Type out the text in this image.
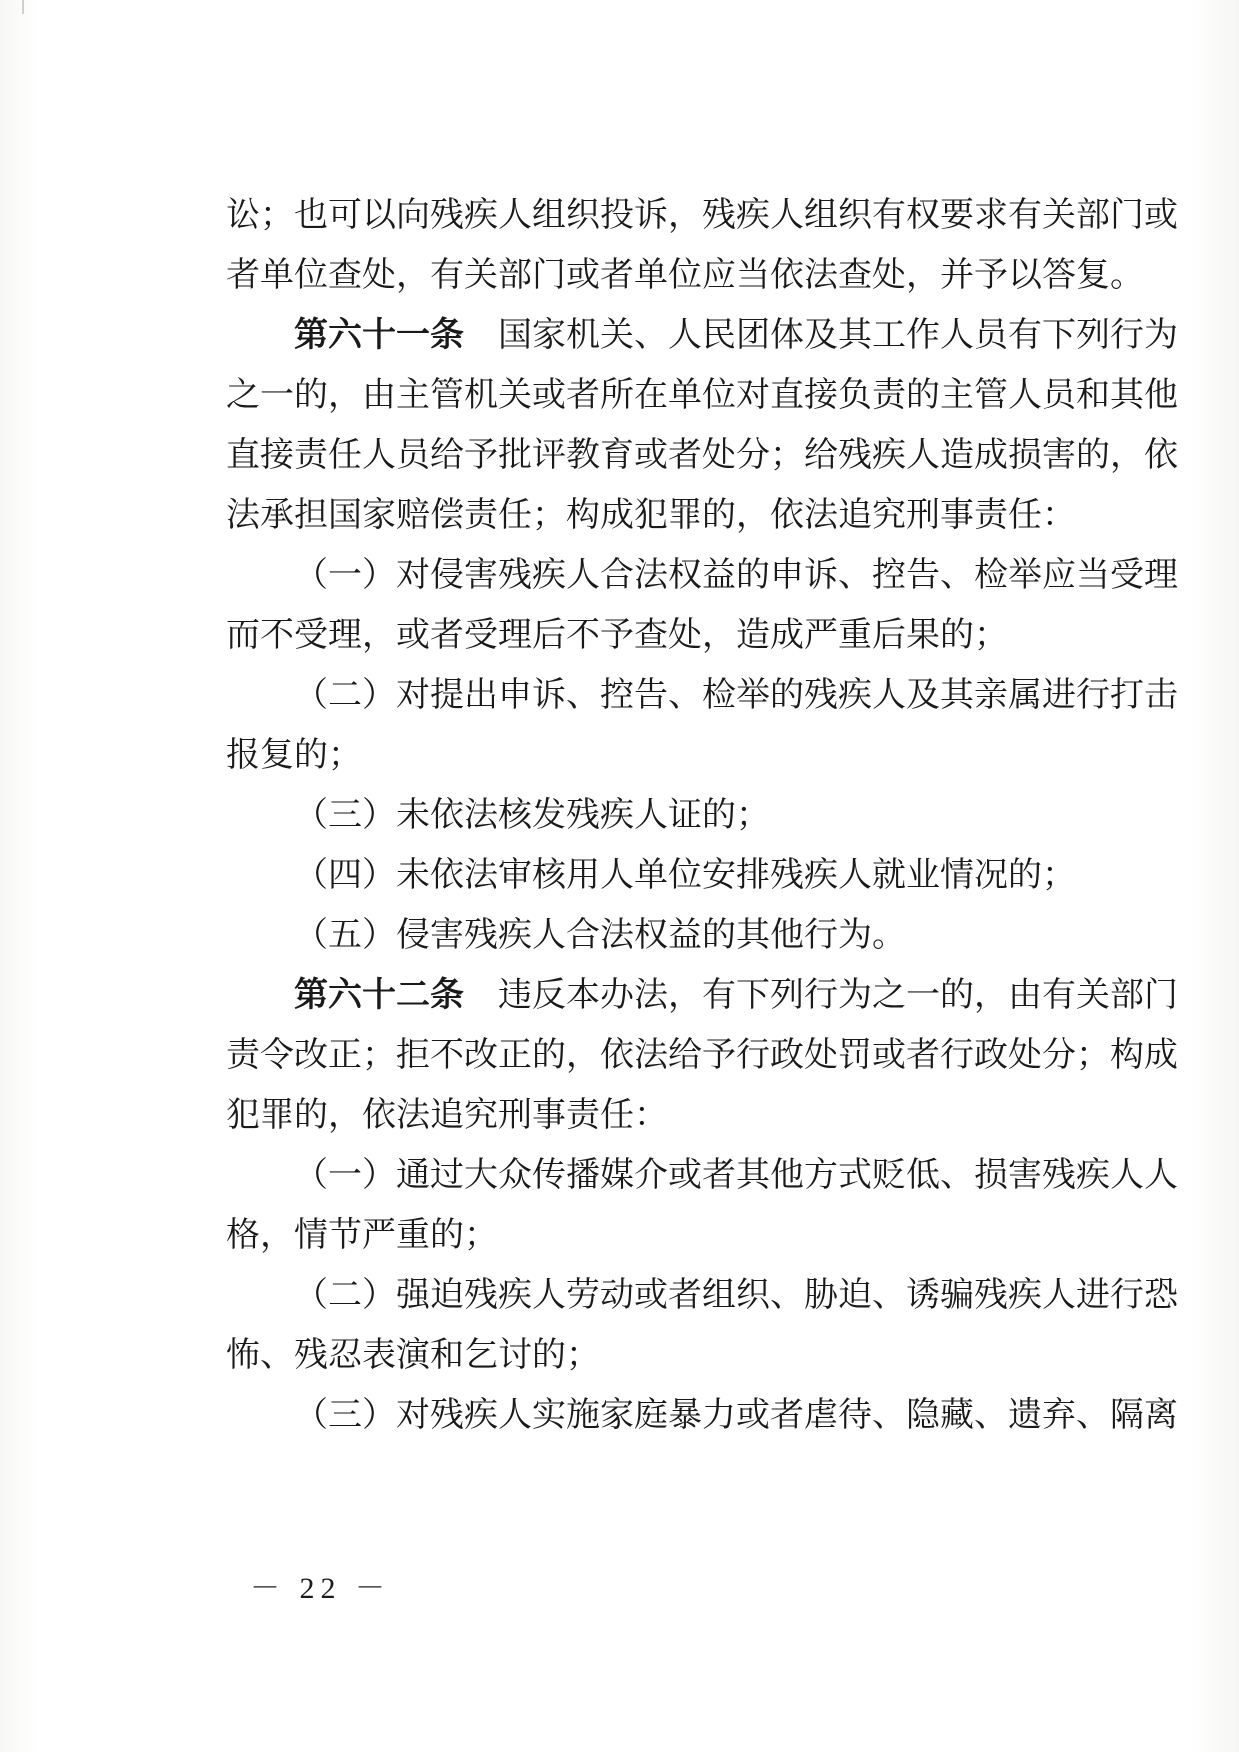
讼；也可以向残疾人组织投诉，残疾人组织有权要求有关部门或
者单位查处，有关部门或者单位应当依法查处，并予以答复。
第六十一条 国家机关、人民团体及其工作人员有下列行为
之一的，由主管机关或者所在单位对直接负责的主管人员和其他
直接责任人员给予批评教育或者处分；给残疾人造成损害的，依
法承担国家赔偿责任；构成犯罪的，依法追究刑事责任：
（一）对侵害残疾人合法权益的申诉、控告、检举应当受理
而不受理，或者受理后不予查处，造成严重后果的；
（二）对提出申诉、控告、检举的残疾人及其亲属进行打击
报复的；
（三）未依法核发残疾人证的；
（四）未依法审核用人单位安排残疾人就业情况的；
（五）侵害残疾人合法权益的其他行为。
第六十二条 违反本办法，有下列行为之一的，由有关部门
责令改正；拒不改正的，依法给予行政处罚或者行政处分；构成
犯罪的，依法追究刑事责任：
（一）通过大众传播媒介或者其他方式贬低、损害残疾人人
格，情节严重的；
（二）强迫残疾人劳动或者组织、胁迫、诱骗残疾人进行恐
怖、残忍表演和乞讨的；
（三）对残疾人实施家庭暴力或者虐待、隐藏、遗弃、隔离
－ 22 －
